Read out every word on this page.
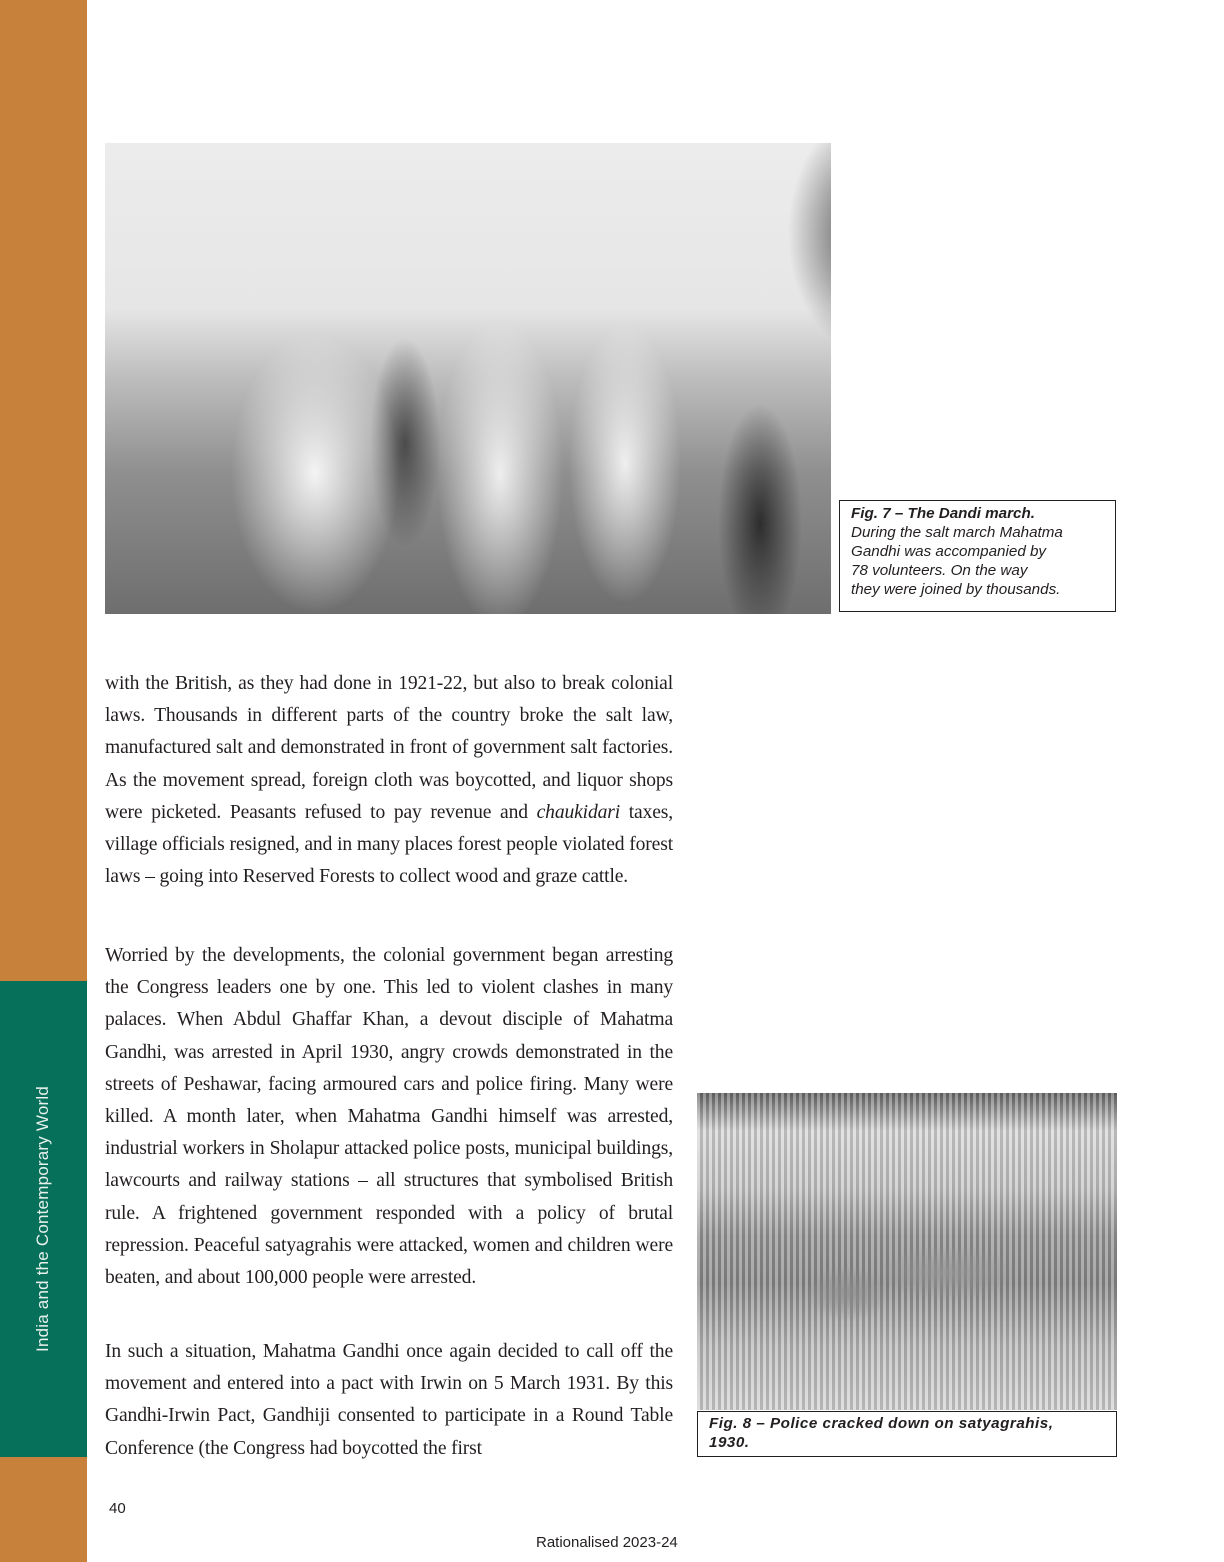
India and the Contemporary World
Fig. 7 – The Dandi march.
During the salt march Mahatma
Gandhi was accompanied by
78 volunteers. On the way
they were joined by thousands.

with the British, as they had done in 1921-22, but also to break colonial laws. Thousands in different parts of the country broke the salt law, manufactured salt and demonstrated in front of government salt factories. As the movement spread, foreign cloth was boycotted, and liquor shops were picketed. Peasants refused to pay revenue and chaukidari taxes, village officials resigned, and in many places forest people violated forest laws – going into Reserved Forests to collect wood and graze cattle.

Worried by the developments, the colonial government began arresting the Congress leaders one by one. This led to violent clashes in many palaces. When Abdul Ghaffar Khan, a devout disciple of Mahatma Gandhi, was arrested in April 1930, angry crowds demonstrated in the streets of Peshawar, facing armoured cars and police firing. Many were killed. A month later, when Mahatma Gandhi himself was arrested, industrial workers in Sholapur attacked police posts, municipal buildings, lawcourts and railway stations – all structures that symbolised British rule. A frightened government responded with a policy of brutal repression. Peaceful satyagrahis were attacked, women and children were beaten, and about 100,000 people were arrested.

In such a situation, Mahatma Gandhi once again decided to call off the movement and entered into a pact with Irwin on 5 March 1931. By this Gandhi-Irwin Pact, Gandhiji consented to participate in a Round Table Conference (the Congress had boycotted the first

Fig. 8 – Police cracked down on satyagrahis,
1930.
40
Rationalised 2023-24
